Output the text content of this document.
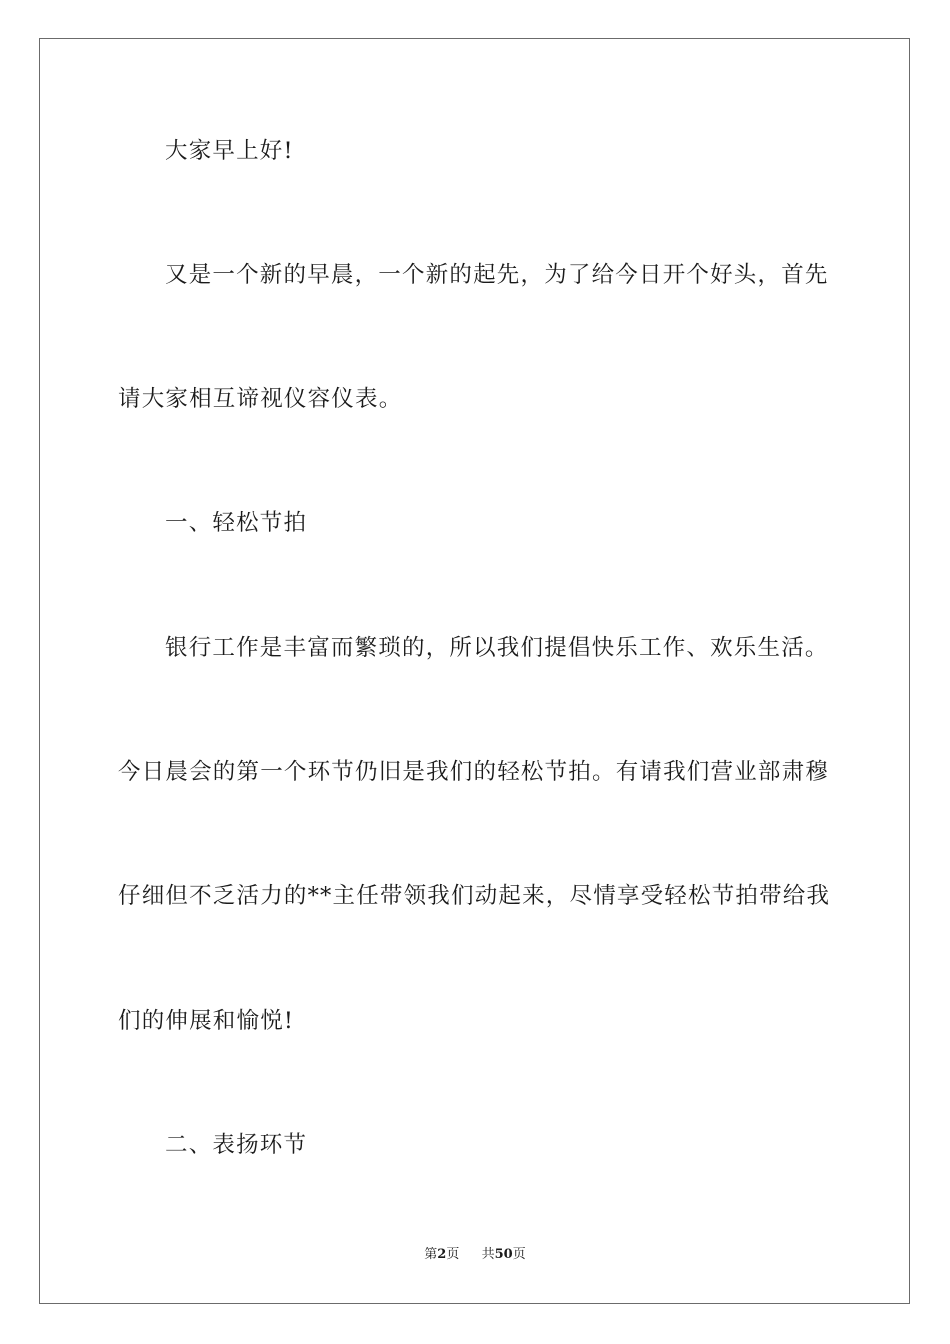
大家早上好!
又是一个新的早晨，一个新的起先，为了给今日开个好头，首先
请大家相互谛视仪容仪表。
一、轻松节拍
银行工作是丰富而繁琐的，所以我们提倡快乐工作、欢乐生活。
今日晨会的第一个环节仍旧是我们的轻松节拍。有请我们营业部肃穆
仔细但不乏活力的**主任带领我们动起来，尽情享受轻松节拍带给我
们的伸展和愉悦!
二、表扬环节
第2页 共50页
